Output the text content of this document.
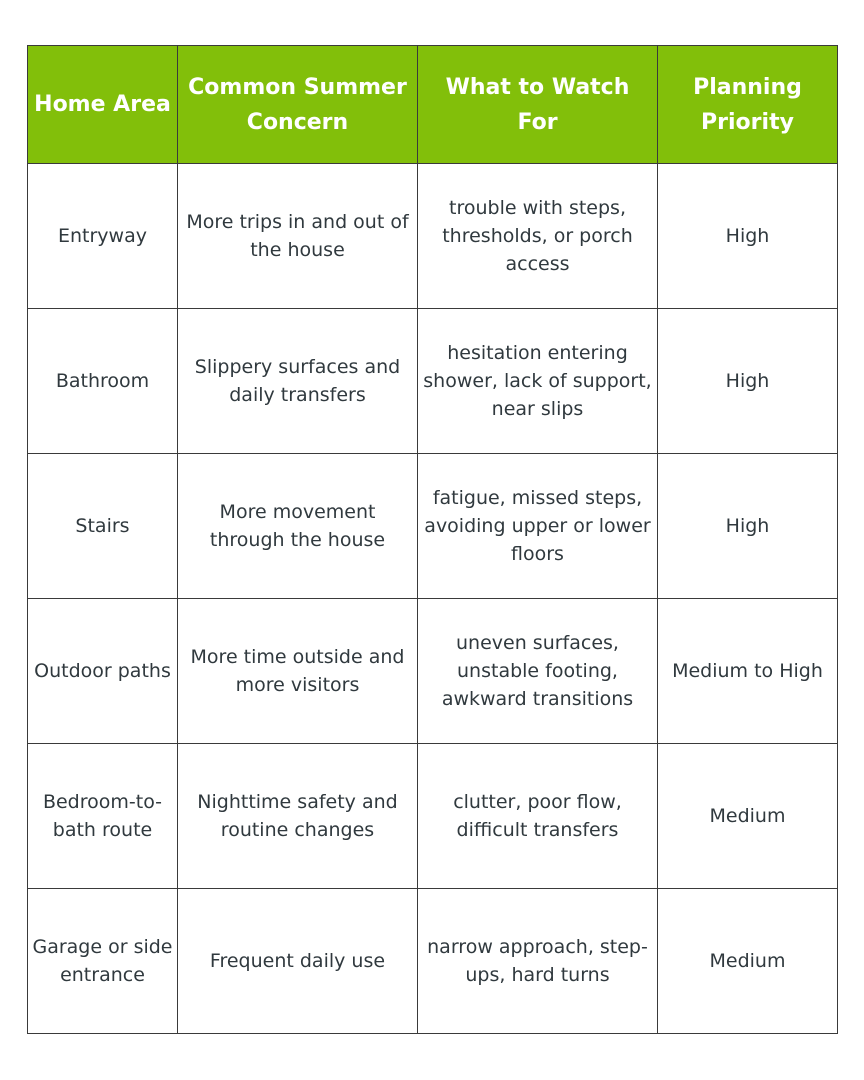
Home Area	Common Summer Concern	What to Watch For	Planning Priority
Entryway	More trips in and out of the house	trouble with steps, thresholds, or porch access	High
Bathroom	Slippery surfaces and daily transfers	hesitation entering shower, lack of support, near slips	High
Stairs	More movement through the house	fatigue, missed steps, avoiding upper or lower floors	High
Outdoor paths	More time outside and more visitors	uneven surfaces, unstable footing, awkward transitions	Medium to High
Bedroom-to-bath route	Nighttime safety and routine changes	clutter, poor flow, difficult transfers	Medium
Garage or side entrance	Frequent daily use	narrow approach, step-ups, hard turns	Medium
